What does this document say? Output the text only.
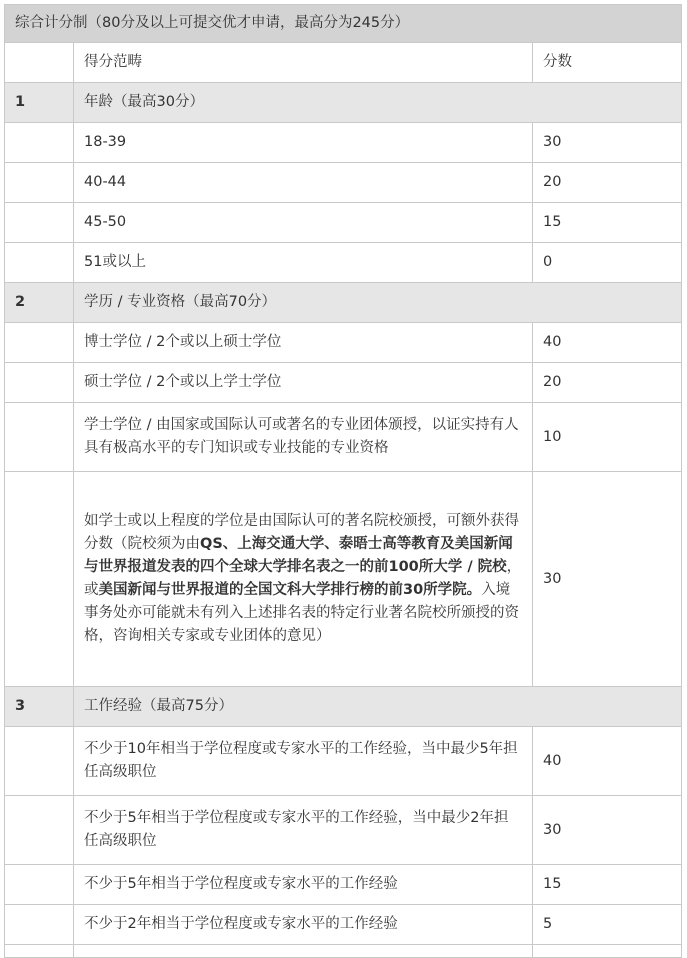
综合计分制（80分及以上可提交优才申请，最高分为245分）		
	得分范畴	分数
1	年龄（最高30分）	
	18-39	30
	40-44	20
	45-50	15
	51或以上	0
2	学历 / 专业资格（最高70分）	
	博士学位 / 2个或以上硕士学位	40
	硕士学位 / 2个或以上学士学位	20
	学士学位 / 由国家或国际认可或著名的专业团体颁授，以证实持有人具有极高水平的专门知识或专业技能的专业资格	10
	如学士或以上程度的学位是由国际认可的著名院校颁授，可额外获得分数（院校须为由QS、上海交通大学、泰晤士高等教育及美国新闻与世界报道发表的四个全球大学排名表之一的前100所大学 / 院校，或美国新闻与世界报道的全国文科大学排行榜的前30所学院。入境事务处亦可能就未有列入上述排名表的特定行业著名院校所颁授的资格，咨询相关专家或专业团体的意见）	30
3	工作经验（最高75分）	
	不少于10年相当于学位程度或专家水平的工作经验，当中最少5年担任高级职位	40
	不少于5年相当于学位程度或专家水平的工作经验，当中最少2年担任高级职位	30
	不少于5年相当于学位程度或专家水平的工作经验	15
	不少于2年相当于学位程度或专家水平的工作经验	5
